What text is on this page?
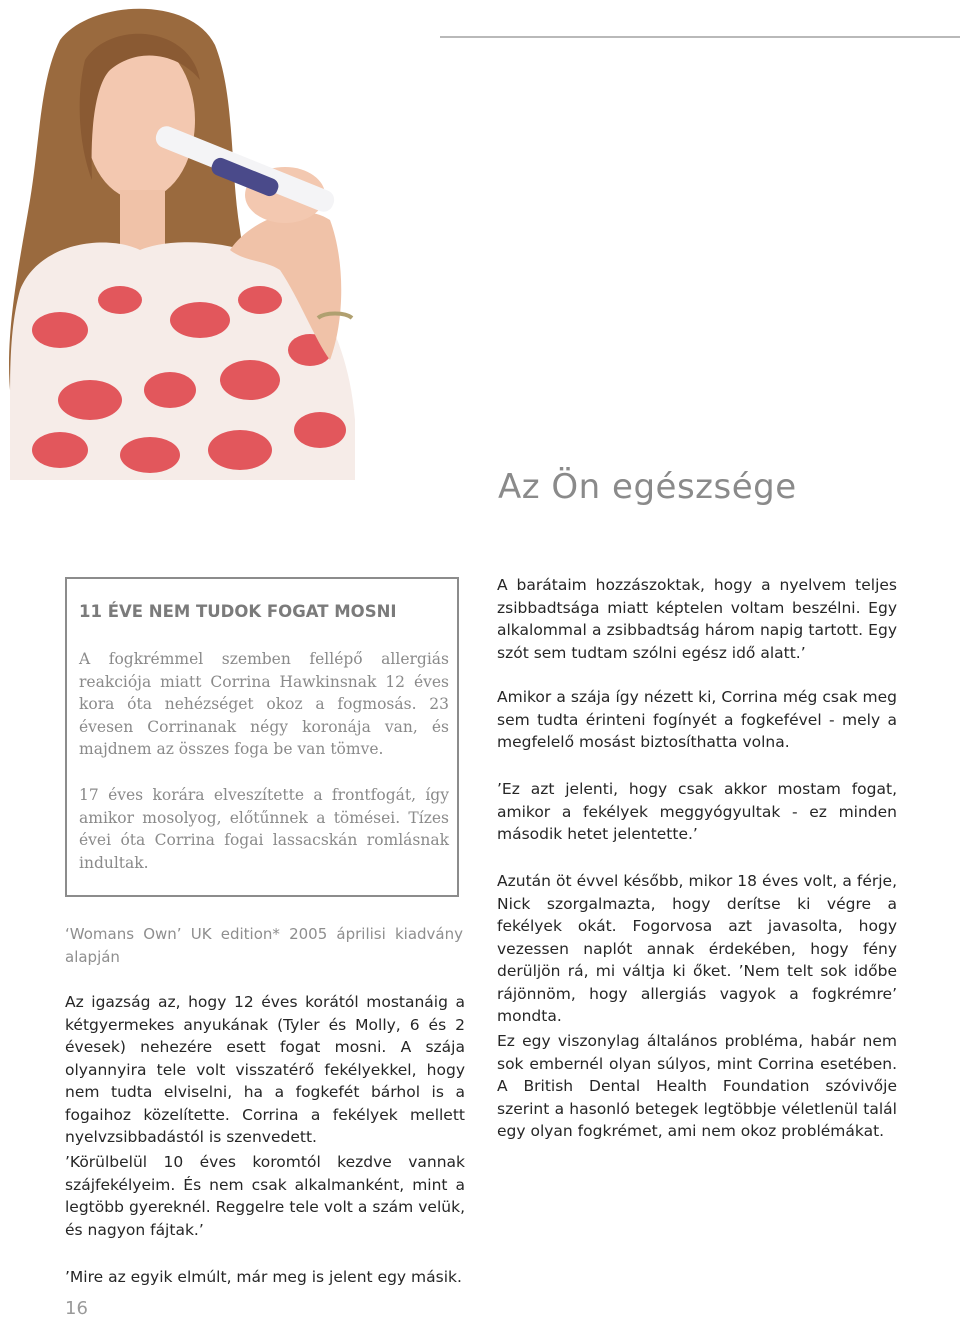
Az Ön egészsége
11 ÉVE NEM TUDOK FOGAT MOSNI

A fogkrémmel szemben fellépő allergiás reakciója miatt Corrina Hawkinsnak 12 éves kora óta nehézséget okoz a fogmosás. 23 évesen Corrinanak négy koronája van, és majdnem az összes foga be van tömve.

17 éves korára elveszítette a frontfogát, így amikor mosolyog, előtűnnek a tömései. Tízes évei óta Corrina fogai lassacskán romlásnak indultak.

‘Womans Own’ UK edition* 2005 áprilisi kiadvány alapján

Az igazság az, hogy 12 éves korától mostanáig a kétgyermekes anyukának (Tyler és Molly, 6 és 2 évesek) nehezére esett fogat mosni. A szája olyannyira tele volt visszatérő fekélyekkel, hogy nem tudta elviselni, ha a fogkefét bárhol is a fogaihoz közelítette. Corrina a fekélyek mellett nyelvzsibbadástól is szenvedett.

’Körülbelül 10 éves koromtól kezdve vannak szájfekélyeim. És nem csak alkalmanként, mint a legtöbb gyereknél. Reggelre tele volt a szám velük, és nagyon fájtak.’

’Mire az egyik elmúlt, már meg is jelent egy másik.

A barátaim hozzászoktak, hogy a nyelvem teljes zsibbadtsága miatt képtelen voltam beszélni. Egy alkalommal a zsibbadtság három napig tartott. Egy szót sem tudtam szólni egész idő alatt.’

Amikor a szája így nézett ki, Corrina még csak meg sem tudta érinteni fogínyét a fogkefével - mely a megfelelő mosást biztosíthatta volna.

’Ez azt jelenti, hogy csak akkor mostam fogat, amikor a fekélyek meggyógyultak - ez minden második hetet jelentette.’

Azután öt évvel később, mikor 18 éves volt, a férje, Nick szorgalmazta, hogy derítse ki végre a fekélyek okát. Fogorvosa azt javasolta, hogy vezessen naplót annak érdekében, hogy fény derüljön rá, mi váltja ki őket. ’Nem telt sok időbe rájönnöm, hogy allergiás vagyok a fogkrémre’ mondta.

Ez egy viszonylag általános probléma, habár nem sok embernél olyan súlyos, mint Corrina esetében. A British Dental Health Foundation szóvivője szerint a hasonló betegek legtöbbje véletlenül talál egy olyan fogkrémet, ami nem okoz problémákat.

16
